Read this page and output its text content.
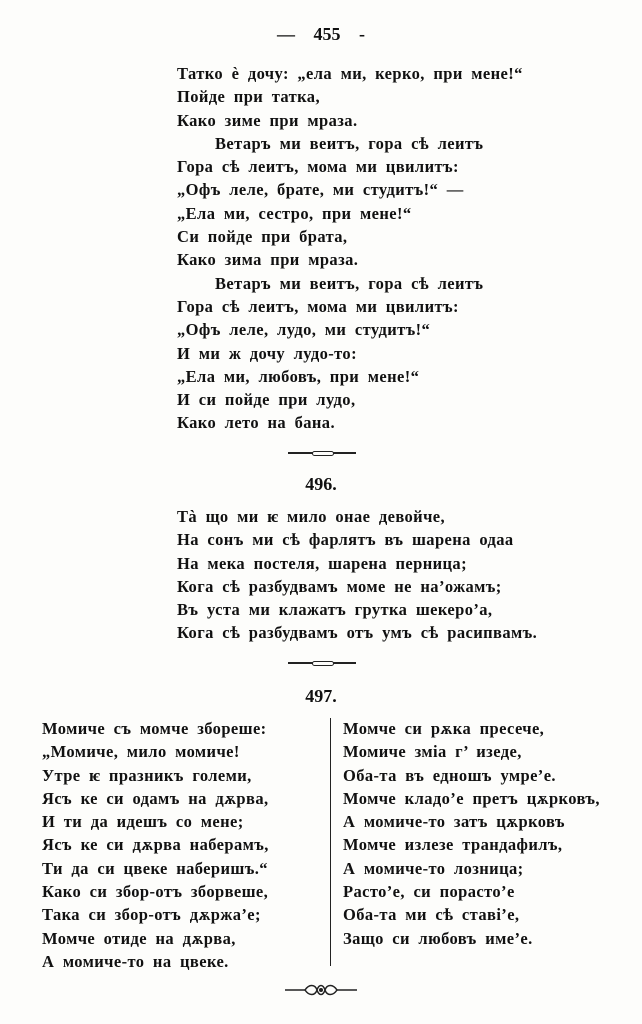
— 455 -
Татко ѐ дочу: „ела ми, керко, при мене!“
Пойде при татка,
Како зиме при мраза.
Ветаръ ми веитъ, гора сѣ леитъ
Гора сѣ леитъ, мома ми цвилитъ:
„Офъ леле, брате, ми студитъ!“ —
„Ела ми, сестро, при мене!“
Си пойде при брата,
Како зима при мраза.
Ветаръ ми веитъ, гора сѣ леитъ
Гора сѣ леитъ, мома ми цвилитъ:
„Офъ леле, лудо, ми студитъ!“
И ми ж дочу лудо-то:
„Ела ми, любовъ, при мене!“
И си пойде при лудо,
Како лето на бана.
496.
Тà що ми ѥ мило онае девойче,
На сонъ ми сѣ фарлятъ въ шарена одаа
На мека постеля, шарена перница;
Кога сѣ разбудвамъ моме не на’ожамъ;
Въ уста ми клажатъ грутка шекеро’а,
Кога сѣ разбудвамъ отъ умъ сѣ расипвамъ.
497.
Момиче съ момче збореше:
„Момиче, мило момиче!
Утре ѥ празникъ големи,
Ясъ ке си одамъ на дѫрва,
И ти да идешъ со мене;
Ясъ ке си дѫрва наберамъ,
Ти да си цвеке наберишъ.“
Како си збор-отъ зборвеше,
Така си збор-отъ дѫржа’е;
Момче отиде на дѫрва,
А момиче-то на цвеке.
Момче си рѫка пресече,
Момиче зміа г’ изеде,
Оба-та въ едношъ умре’е.
Момче кладо’е претъ цѫрковъ,
А момиче-то затъ цѫрковъ
Момче излезе трандафилъ,
А момиче-то лозница;
Расто’е, си порасто’е
Оба-та ми сѣ ставі’е,
Защо си любовъ име’е.
